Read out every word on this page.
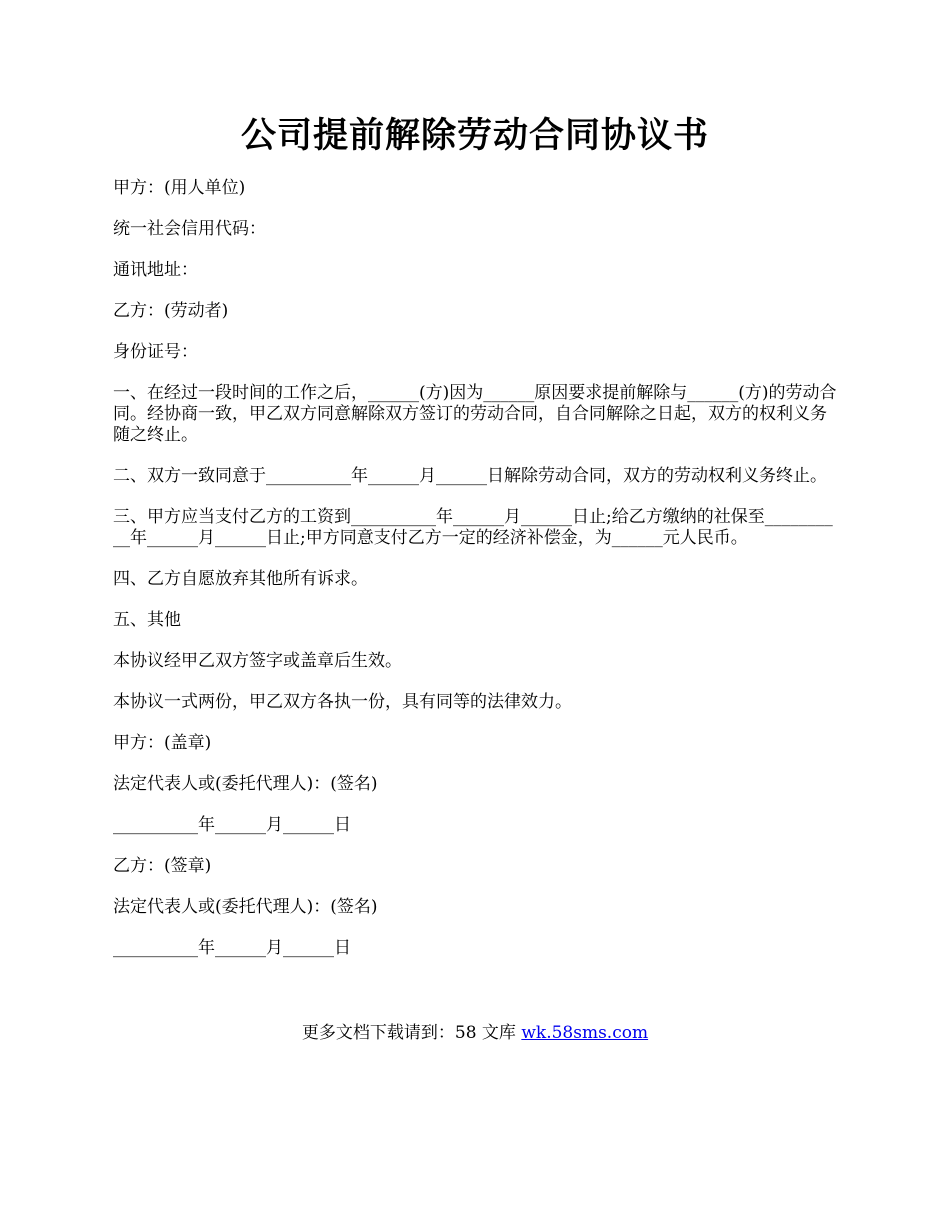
公司提前解除劳动合同协议书

甲方：(用人单位)

统一社会信用代码：

通讯地址：

乙方：(劳动者)

身份证号：

一、在经过一段时间的工作之后，______(方)因为______原因要求提前解除与______(方)的劳动合同。经协商一致，甲乙双方同意解除双方签订的劳动合同，自合同解除之日起，双方的权利义务随之终止。

二、双方一致同意于__________年______月______日解除劳动合同，双方的劳动权利义务终止。

三、甲方应当支付乙方的工资到__________年______月______日止;给乙方缴纳的社保至__________年______月______日止;甲方同意支付乙方一定的经济补偿金，为______元人民币。

四、乙方自愿放弃其他所有诉求。

五、其他

本协议经甲乙双方签字或盖章后生效。

本协议一式两份，甲乙双方各执一份，具有同等的法律效力。

甲方：(盖章)

法定代表人或(委托代理人)：(签名)

__________年______月______日

乙方：(签章)

法定代表人或(委托代理人)：(签名)

__________年______月______日

更多文档下载请到：58 文库 wk.58sms.com
